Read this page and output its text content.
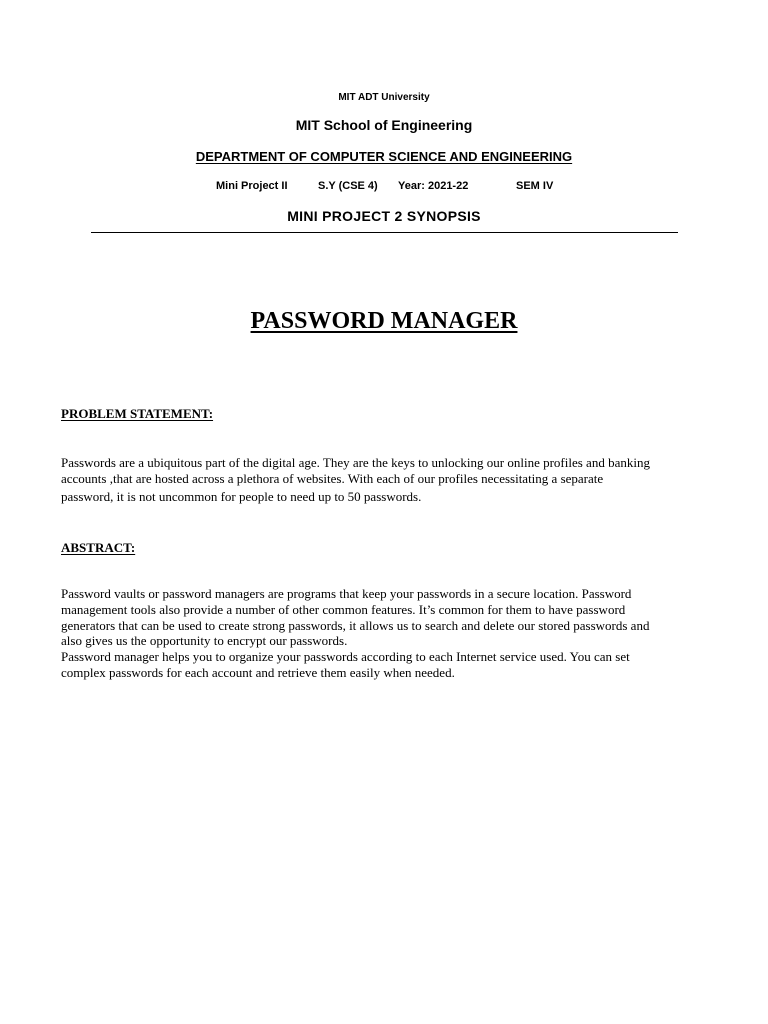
MIT ADT University
MIT School of Engineering
DEPARTMENT OF COMPUTER SCIENCE AND ENGINEERING
Mini Project II	S.Y (CSE 4) Year: 2021-22	SEM IV
MINI PROJECT 2 SYNOPSIS
PASSWORD MANAGER
PROBLEM STATEMENT:
Passwords are a ubiquitous part of the digital age. They are the keys to unlocking our online profiles and banking
accounts ,that are hosted across a plethora of websites. With each of our profiles necessitating a separate
password, it is not uncommon for people to need up to 50 passwords.
ABSTRACT:
Password vaults or password managers are programs that keep your passwords in a secure location. Password
management tools also provide a number of other common features. It’s common for them to have password
generators that can be used to create strong passwords, it allows us to search and delete our stored passwords and
also gives us the opportunity to encrypt our passwords.
Password manager helps you to organize your passwords according to each Internet service used. You can set
complex passwords for each account and retrieve them easily when needed.
